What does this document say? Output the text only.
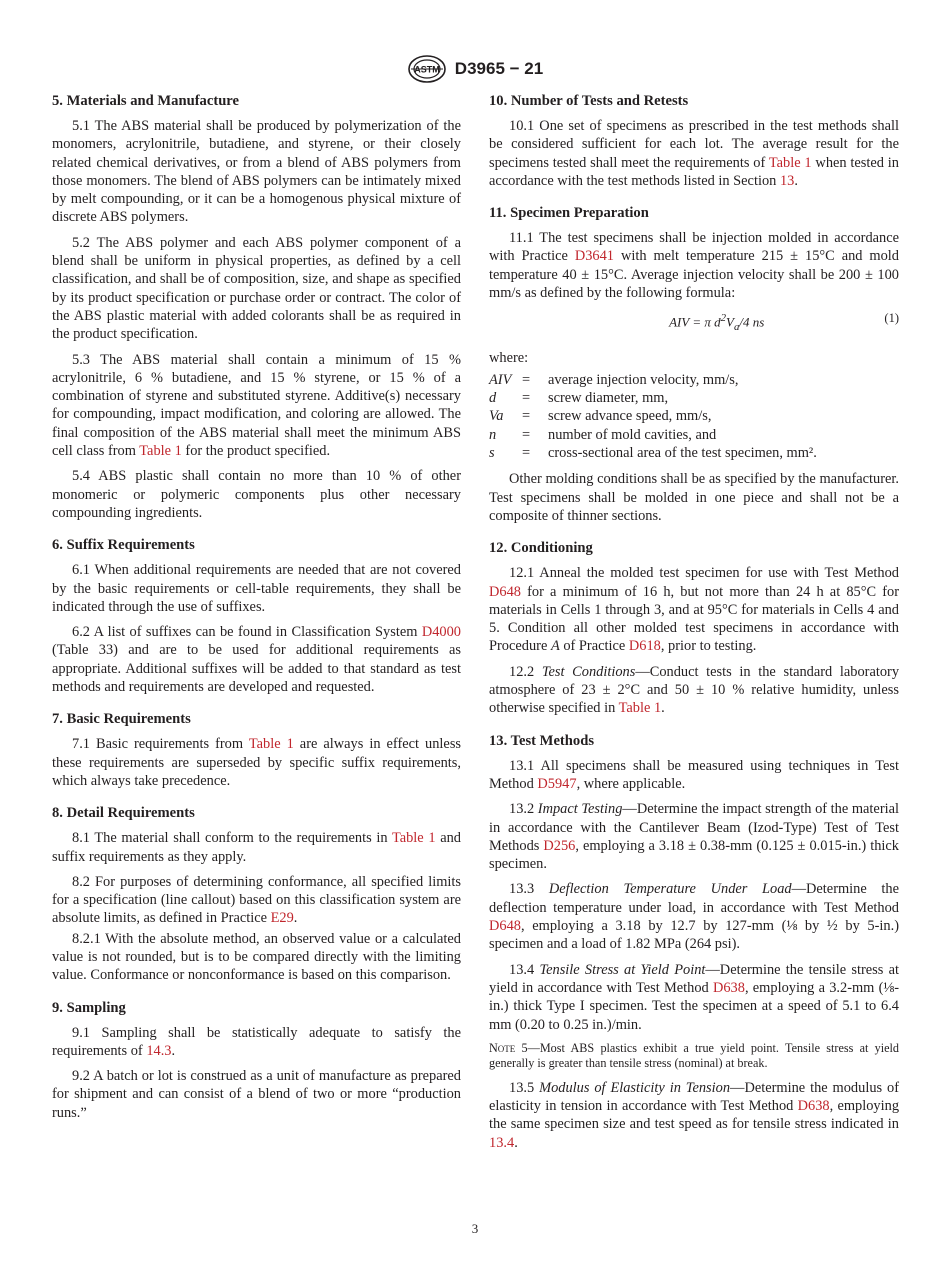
ASTM D3965 − 21
5. Materials and Manufacture

5.1 The ABS material shall be produced by polymerization of the monomers, acrylonitrile, butadiene, and styrene, or their closely related chemical derivatives, or from a blend of ABS polymers from those monomers. The blend of ABS polymers can be intimately mixed by melt compounding, or it can be a homogenous physical mixture of discrete ABS polymers.

5.2 The ABS polymer and each ABS polymer component of a blend shall be uniform in physical properties, as defined by a cell classification, and shall be of composition, size, and shape as specified by its product specification or purchase order or contract. The color of the ABS plastic material with added colorants shall be as required in the product specification.

5.3 The ABS material shall contain a minimum of 15 % acrylonitrile, 6 % butadiene, and 15 % styrene, or 15 % of a combination of styrene and substituted styrene. Additive(s) necessary for compounding, impact modification, and coloring are allowed. The final composition of the ABS material shall meet the minimum ABS cell class from Table 1 for the product specified.

5.4 ABS plastic shall contain no more than 10 % of other monomeric or polymeric components plus other necessary compounding ingredients.

6. Suffix Requirements

6.1 When additional requirements are needed that are not covered by the basic requirements or cell-table requirements, they shall be indicated through the use of suffixes.

6.2 A list of suffixes can be found in Classification System D4000 (Table 33) and are to be used for additional requirements as appropriate. Additional suffixes will be added to that standard as test methods and requirements are developed and requested.

7. Basic Requirements

7.1 Basic requirements from Table 1 are always in effect unless these requirements are superseded by specific suffix requirements, which always take precedence.

8. Detail Requirements

8.1 The material shall conform to the requirements in Table 1 and suffix requirements as they apply.

8.2 For purposes of determining conformance, all specified limits for a specification (line callout) based on this classification system are absolute limits, as defined in Practice E29.

8.2.1 With the absolute method, an observed value or a calculated value is not rounded, but is to be compared directly with the limiting value. Conformance or nonconformance is based on this comparison.

9. Sampling

9.1 Sampling shall be statistically adequate to satisfy the requirements of 14.3.

9.2 A batch or lot is construed as a unit of manufacture as prepared for shipment and can consist of a blend of two or more “production runs.”

10. Number of Tests and Retests

10.1 One set of specimens as prescribed in the test methods shall be considered sufficient for each lot. The average result for the specimens tested shall meet the requirements of Table 1 when tested in accordance with the test methods listed in Section 13.

11. Specimen Preparation

11.1 The test specimens shall be injection molded in accordance with Practice D3641 with melt temperature 215 ± 15°C and mold temperature 40 ± 15°C. Average injection velocity shall be 200 ± 100 mm/s as defined by the following formula:

AIV = π $d^2V_a/4$ ns	(1)

where:

AIV	=	average injection velocity, mm/s,
d	=	screw diameter, mm,
Va	=	screw advance speed, mm/s,
n	=	number of mold cavities, and
s	=	cross-sectional area of the test specimen, mm².

Other molding conditions shall be as specified by the manufacturer. Test specimens shall be molded in one piece and shall not be a composite of thinner sections.

12. Conditioning

12.1 Anneal the molded test specimen for use with Test Method D648 for a minimum of 16 h, but not more than 24 h at 85°C for materials in Cells 1 through 3, and at 95°C for materials in Cells 4 and 5. Condition all other molded test specimens in accordance with Procedure A of Practice D618, prior to testing.

12.2 Test Conditions—Conduct tests in the standard laboratory atmosphere of 23 ± 2°C and 50 ± 10 % relative humidity, unless otherwise specified in Table 1.

13. Test Methods

13.1 All specimens shall be measured using techniques in Test Method D5947, where applicable.

13.2 Impact Testing—Determine the impact strength of the material in accordance with the Cantilever Beam (Izod-Type) Test of Test Methods D256, employing a 3.18 ± 0.38-mm (0.125 ± 0.015-in.) thick specimen.

13.3 Deflection Temperature Under Load—Determine the deflection temperature under load, in accordance with Test Method D648, employing a 3.18 by 12.7 by 127-mm (⅛ by ½ by 5-in.) specimen and a load of 1.82 MPa (264 psi).

13.4 Tensile Stress at Yield Point—Determine the tensile stress at yield in accordance with Test Method D638, employing a 3.2-mm (⅛-in.) thick Type I specimen. Test the specimen at a speed of 5.1 to 6.4 mm (0.20 to 0.25 in.)/min.

Note 5—Most ABS plastics exhibit a true yield point. Tensile stress at yield generally is greater than tensile stress (nominal) at break.

13.5 Modulus of Elasticity in Tension—Determine the modulus of elasticity in tension in accordance with Test Method D638, employing the same specimen size and test speed as for tensile stress indicated in 13.4.

3
